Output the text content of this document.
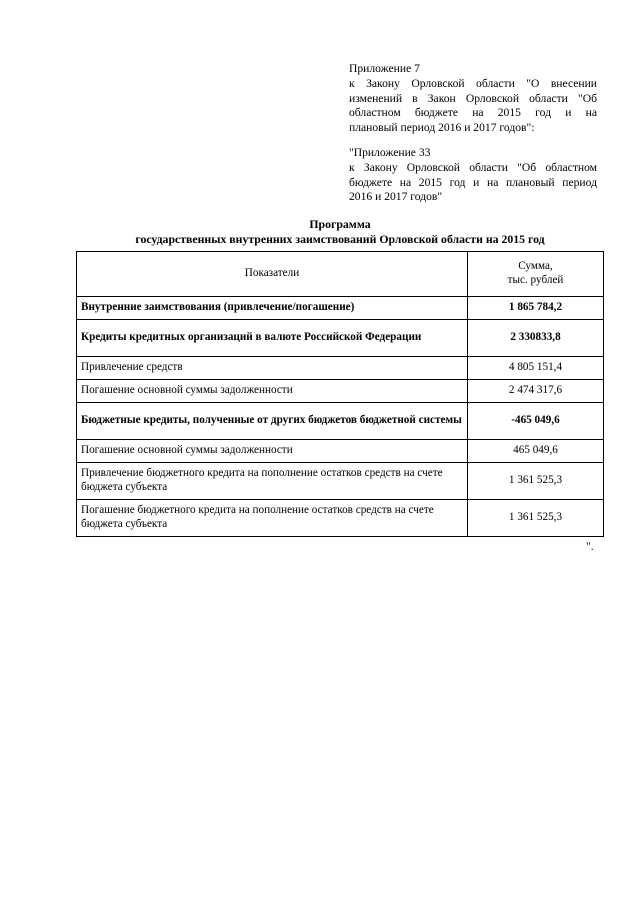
Приложение 7
к Закону Орловской области "О внесении
изменений в Закон Орловской области "Об
областном бюджете на 2015 год и на
плановый период 2016 и 2017 годов":
"Приложение 33
к Закону Орловской области "Об областном
бюджете на 2015 год и на плановый период
2016 и 2017 годов"
Программа
государственных внутренних заимствований Орловской области на 2015 год
Показатели	Сумма,
тыс. рублей

Внутренние заимствования (привлечение/погашение)	1 865 784,2
Кредиты кредитных организаций в валюте Российской Федерации	2 330833,8
Привлечение средств	4 805 151,4
Погашение основной суммы задолженности	2 474 317,6
Бюджетные кредиты, полученные от других бюджетов бюджетной системы	-465 049,6
Погашение основной суммы задолженности	465 049,6
Привлечение бюджетного кредита на пополнение остатков средств на счете бюджета субъекта	1 361 525,3
Погашение бюджетного кредита на пополнение остатков средств на счете бюджета субъекта	1 361 525,3
".
